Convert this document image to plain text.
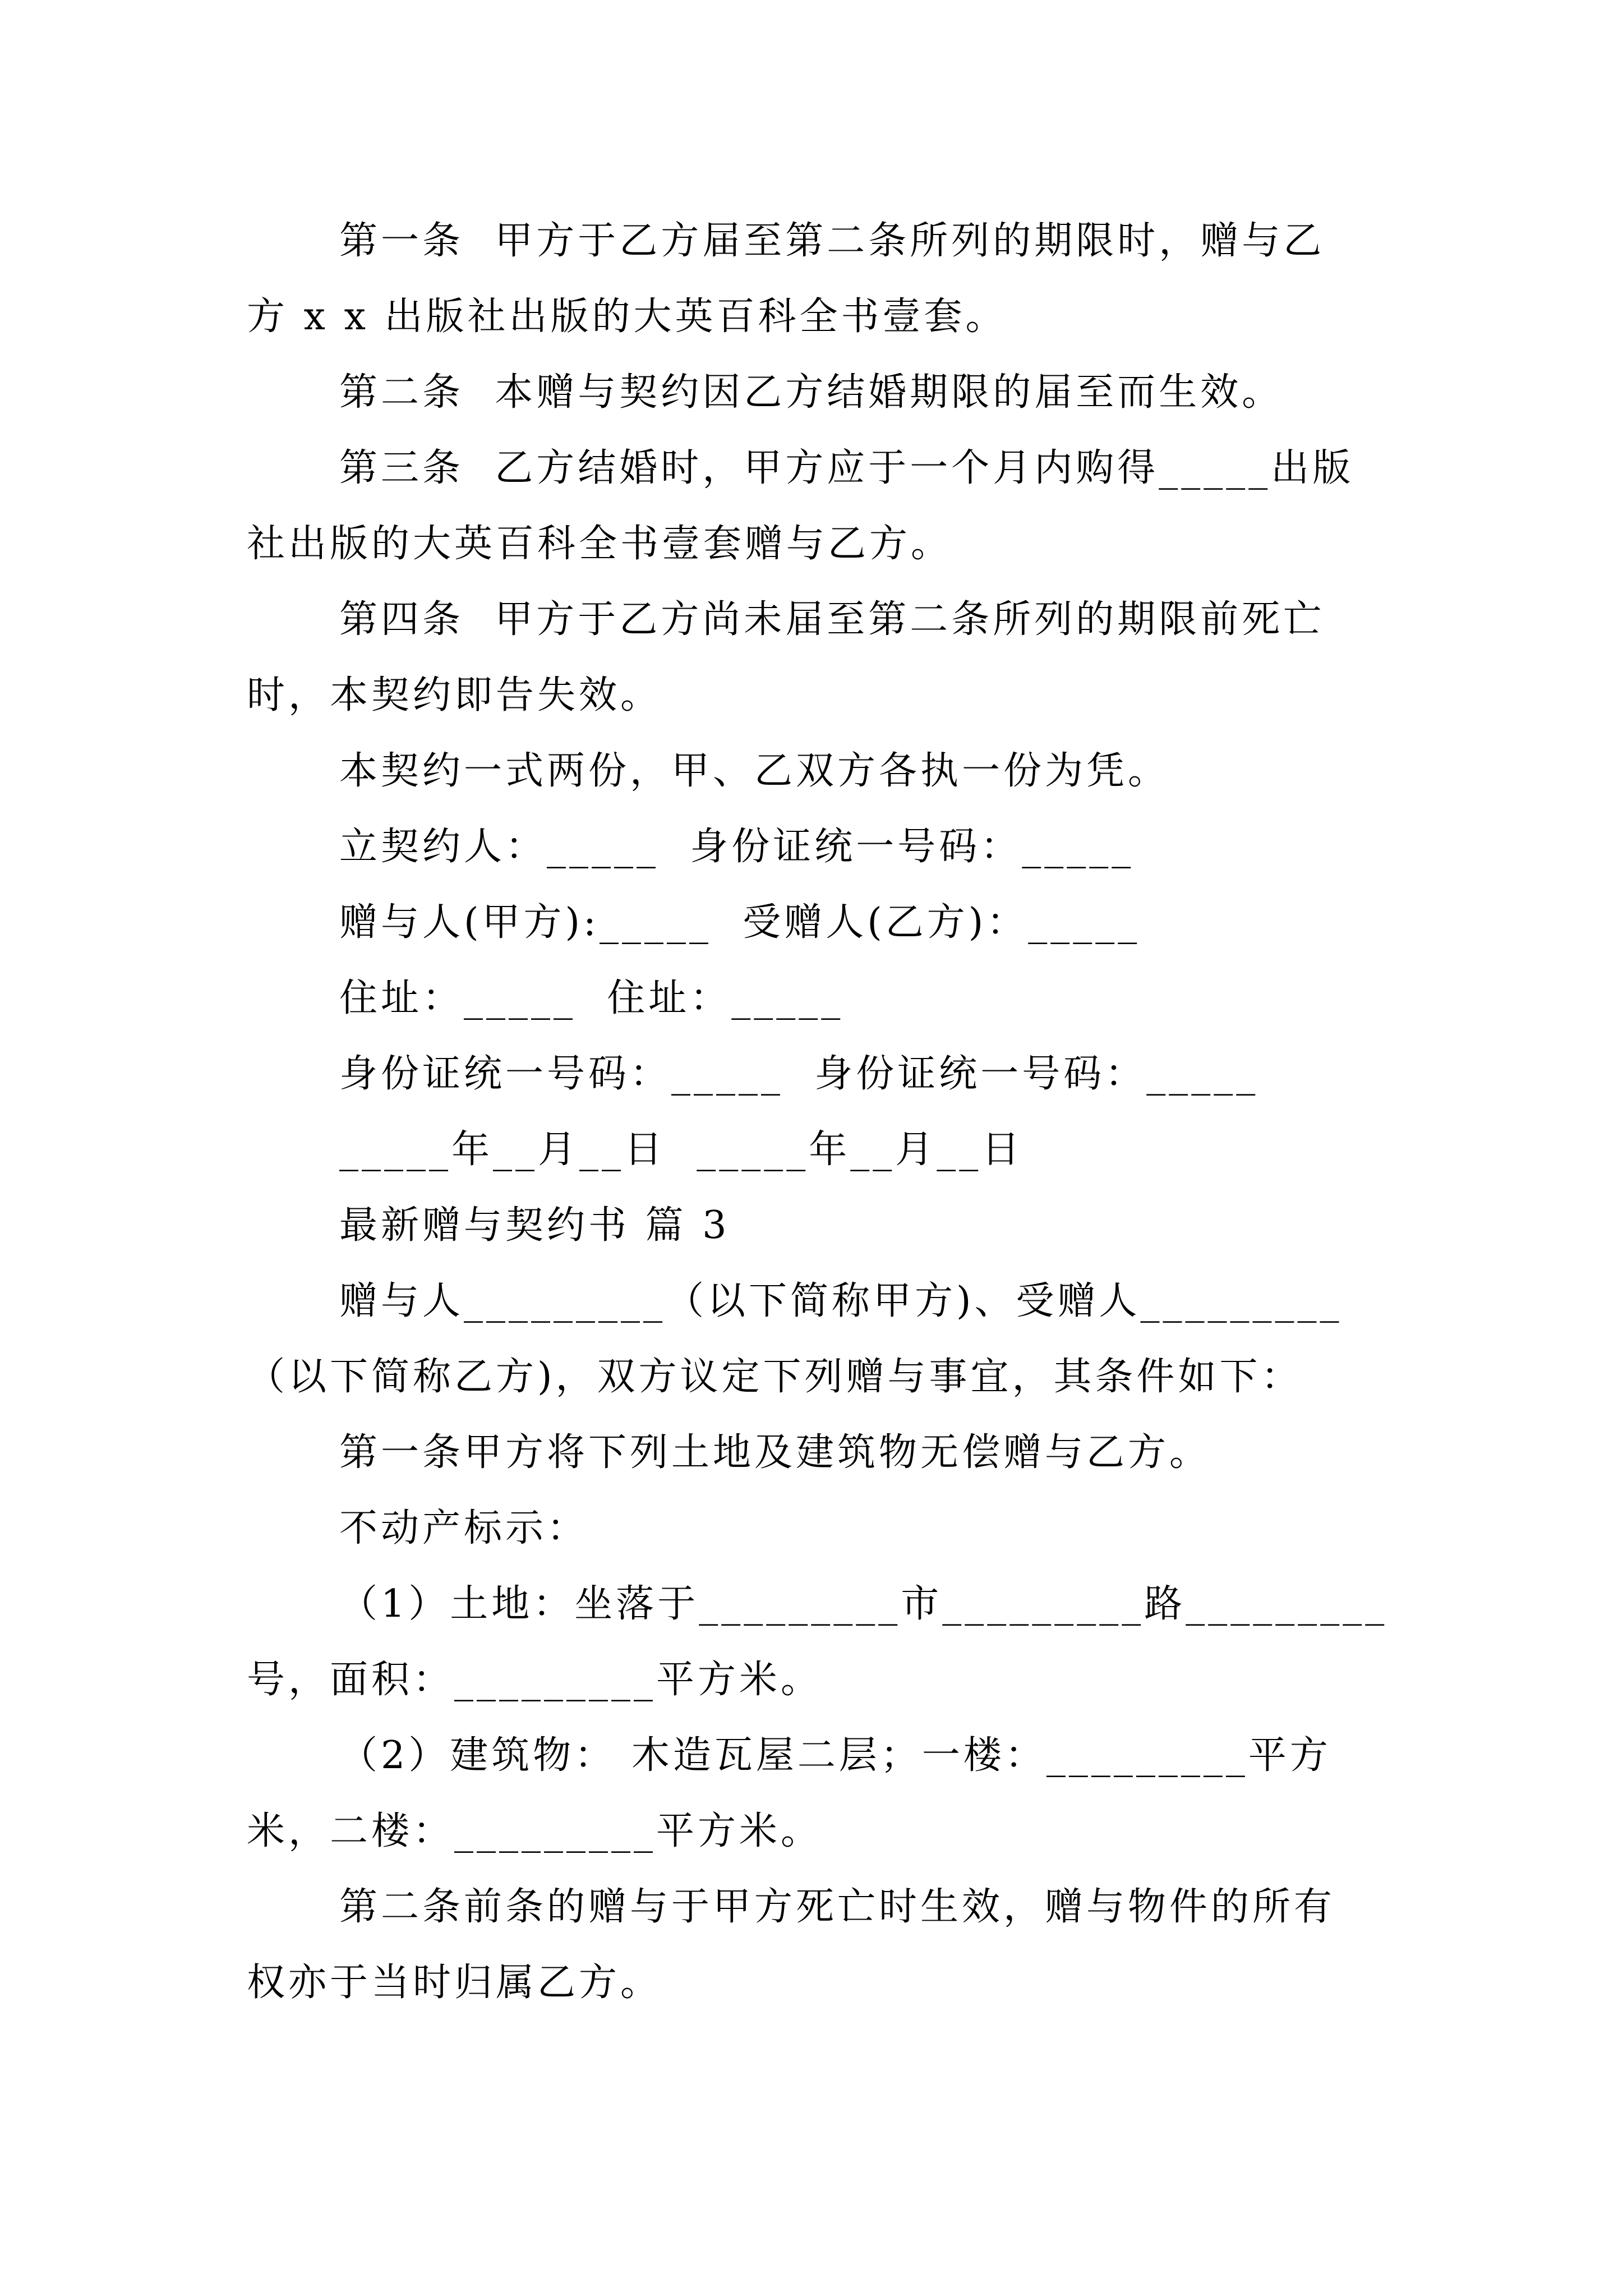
第一条  甲方于乙方届至第二条所列的期限时，赠与乙
方 x x 出版社出版的大英百科全书壹套。
第二条  本赠与契约因乙方结婚期限的届至而生效。
第三条  乙方结婚时，甲方应于一个月内购得_____出版
社出版的大英百科全书壹套赠与乙方。
第四条  甲方于乙方尚未届至第二条所列的期限前死亡
时，本契约即告失效。
本契约一式两份，甲、乙双方各执一份为凭。
立契约人：_____  身份证统一号码：_____
赠与人(甲方):_____  受赠人(乙方)：_____
住址：_____  住址：_____
身份证统一号码：_____  身份证统一号码：_____
_____年__月__日  _____年__月__日
最新赠与契约书 篇 3
赠与人_________（以下简称甲方)、受赠人_________
（以下简称乙方)，双方议定下列赠与事宜，其条件如下：
第一条甲方将下列土地及建筑物无偿赠与乙方。
不动产标示：
（1）土地：坐落于_________市_________路_________
号，面积：_________平方米。
（2）建筑物： 木造瓦屋二层；一楼：_________平方
米，二楼：_________平方米。
第二条前条的赠与于甲方死亡时生效，赠与物件的所有
权亦于当时归属乙方。
